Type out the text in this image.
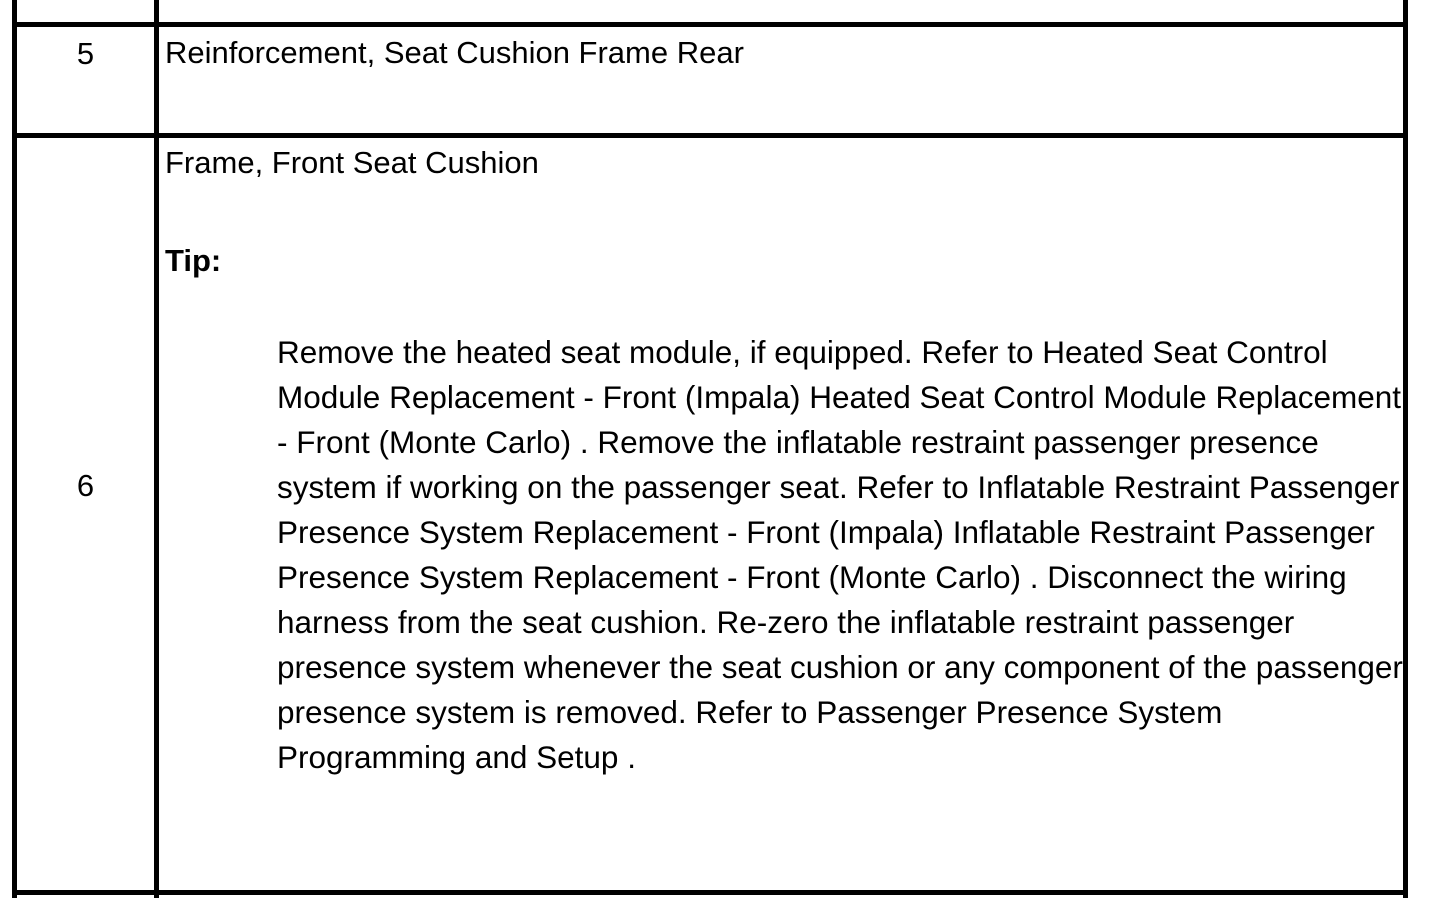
5	Reinforcement, Seat Cushion Frame Rear
6
Frame, Front Seat Cushion
Tip:
Remove the heated seat module, if equipped. Refer to Heated Seat Control Module Replacement - Front (Impala) Heated Seat Control Module Replacement - Front (Monte Carlo) . Remove the inflatable restraint passenger presence system if working on the passenger seat. Refer to Inflatable Restraint Passenger Presence System Replacement - Front (Impala) Inflatable Restraint Passenger Presence System Replacement - Front (Monte Carlo) . Disconnect the wiring harness from the seat cushion. Re-zero the inflatable restraint passenger presence system whenever the seat cushion or any component of the passenger presence system is removed. Refer to Passenger Presence System Programming and Setup .
